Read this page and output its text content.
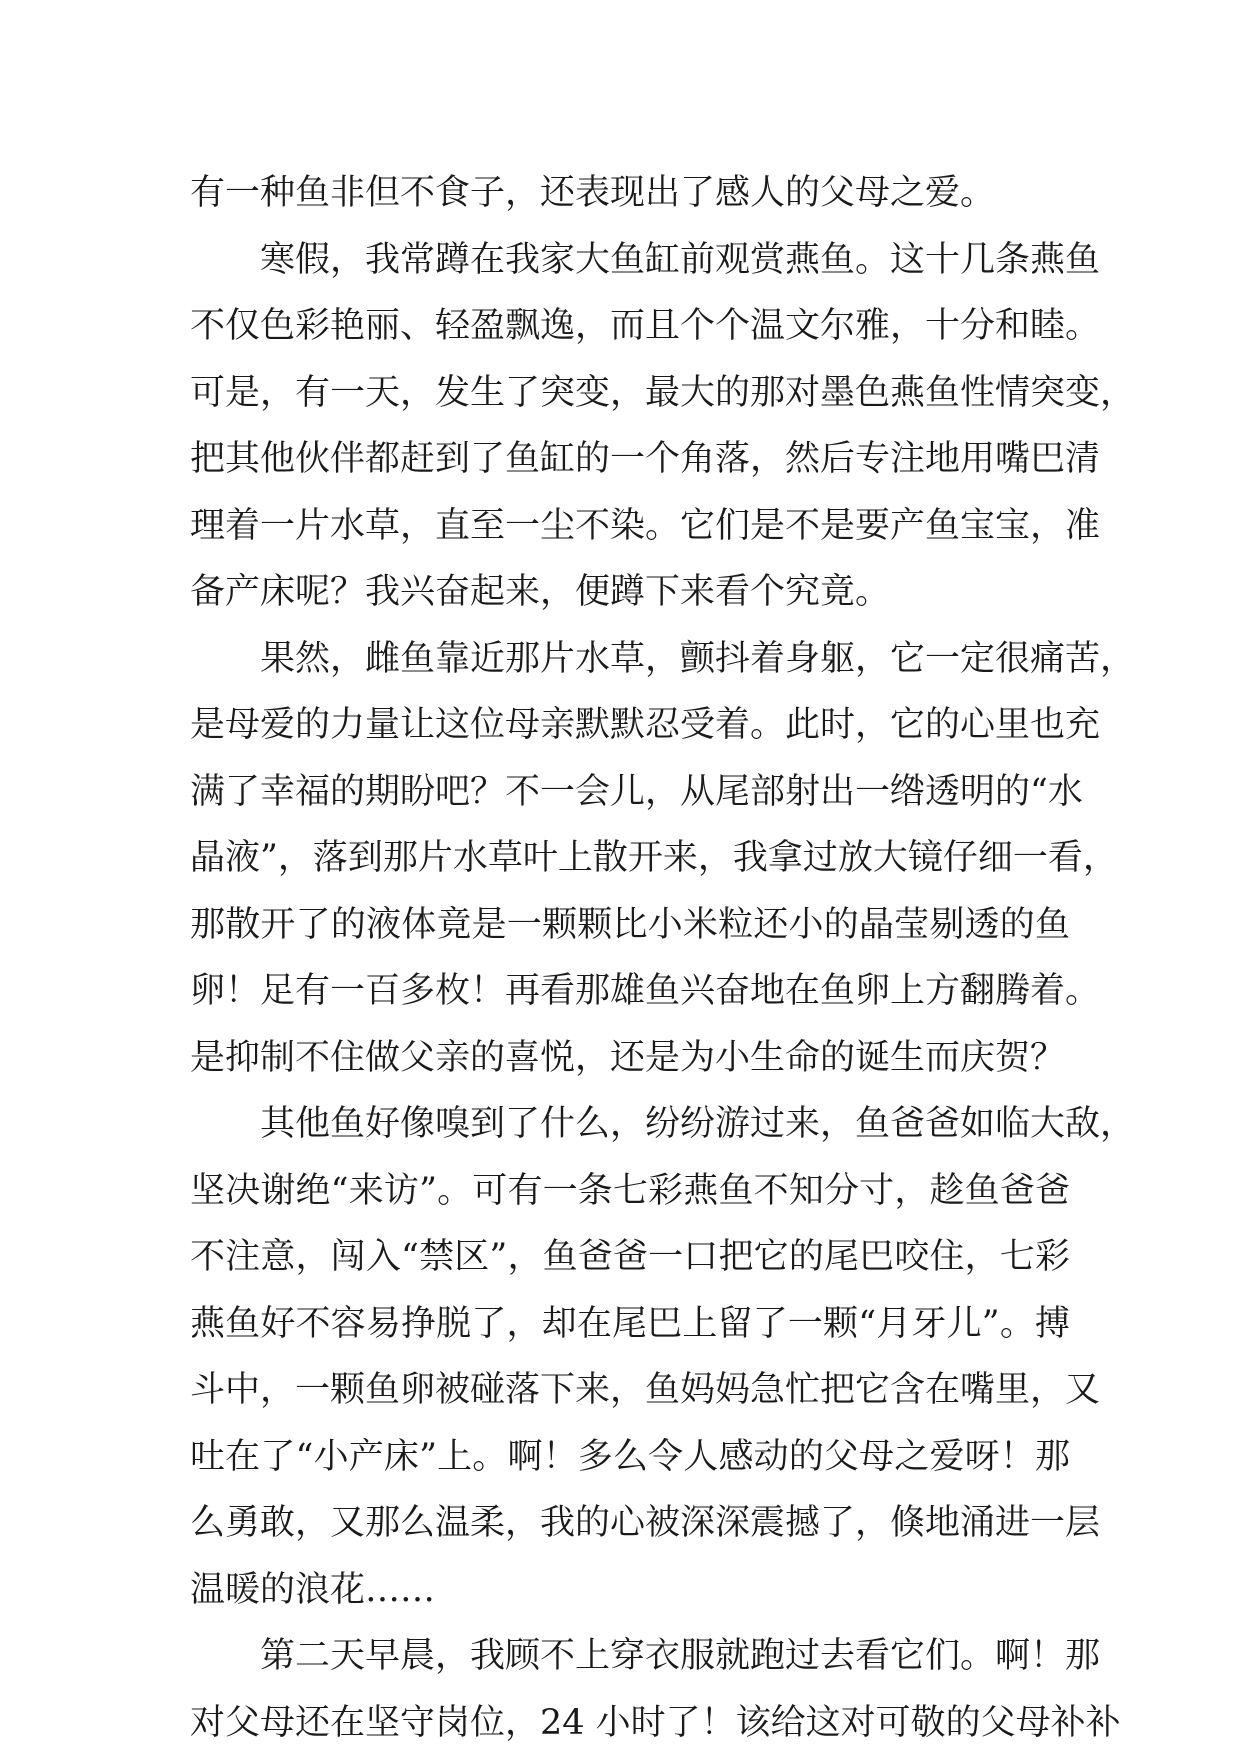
有一种鱼非但不食子，还表现出了感人的父母之爱。
寒假，我常蹲在我家大鱼缸前观赏燕鱼。这十几条燕鱼
不仅色彩艳丽、轻盈飘逸，而且个个温文尔雅，十分和睦。
可是，有一天，发生了突变，最大的那对墨色燕鱼性情突变，
把其他伙伴都赶到了鱼缸的一个角落，然后专注地用嘴巴清
理着一片水草，直至一尘不染。它们是不是要产鱼宝宝，准
备产床呢？我兴奋起来，便蹲下来看个究竟。
果然，雌鱼靠近那片水草，颤抖着身躯，它一定很痛苦，
是母爱的力量让这位母亲默默忍受着。此时，它的心里也充
满了幸福的期盼吧？不一会儿，从尾部射出一绺透明的“水
晶液”，落到那片水草叶上散开来，我拿过放大镜仔细一看，
那散开了的液体竟是一颗颗比小米粒还小的晶莹剔透的鱼
卵！足有一百多枚！再看那雄鱼兴奋地在鱼卵上方翻腾着。
是抑制不住做父亲的喜悦，还是为小生命的诞生而庆贺？
其他鱼好像嗅到了什么，纷纷游过来，鱼爸爸如临大敌，
坚决谢绝“来访”。可有一条七彩燕鱼不知分寸，趁鱼爸爸
不注意，闯入“禁区”，鱼爸爸一口把它的尾巴咬住，七彩
燕鱼好不容易挣脱了，却在尾巴上留了一颗“月牙儿”。搏
斗中，一颗鱼卵被碰落下来，鱼妈妈急忙把它含在嘴里，又
吐在了“小产床”上。啊！多么令人感动的父母之爱呀！那
么勇敢，又那么温柔，我的心被深深震撼了，倏地涌进一层
温暖的浪花……
第二天早晨，我顾不上穿衣服就跑过去看它们。啊！那
对父母还在坚守岗位，24 小时了！该给这对可敬的父母补补
